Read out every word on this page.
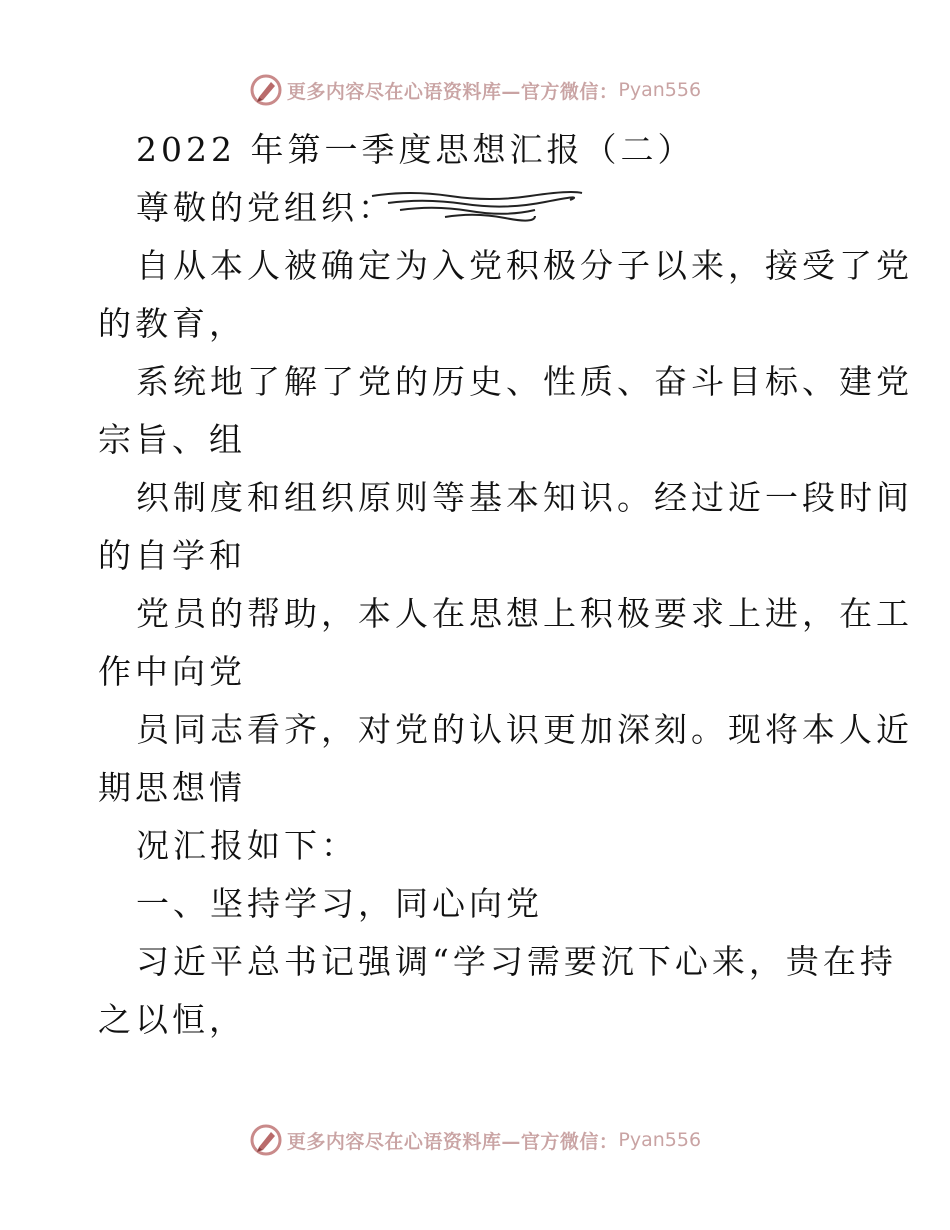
更多内容尽在心语资料库—官方微信： Pyan556
2022 年第一季度思想汇报（二）
尊敬的党组织：
自从本人被确定为入党积极分子以来，接受了党
的教育，
系统地了解了党的历史、性质、奋斗目标、建党
宗旨、组
织制度和组织原则等基本知识。经过近一段时间
的自学和
党员的帮助，本人在思想上积极要求上进，在工
作中向党
员同志看齐，对党的认识更加深刻。现将本人近
期思想情
况汇报如下：
一、坚持学习，同心向党
习近平总书记强调“学习需要沉下心来，贵在持
之以恒，
更多内容尽在心语资料库—官方微信： Pyan556
